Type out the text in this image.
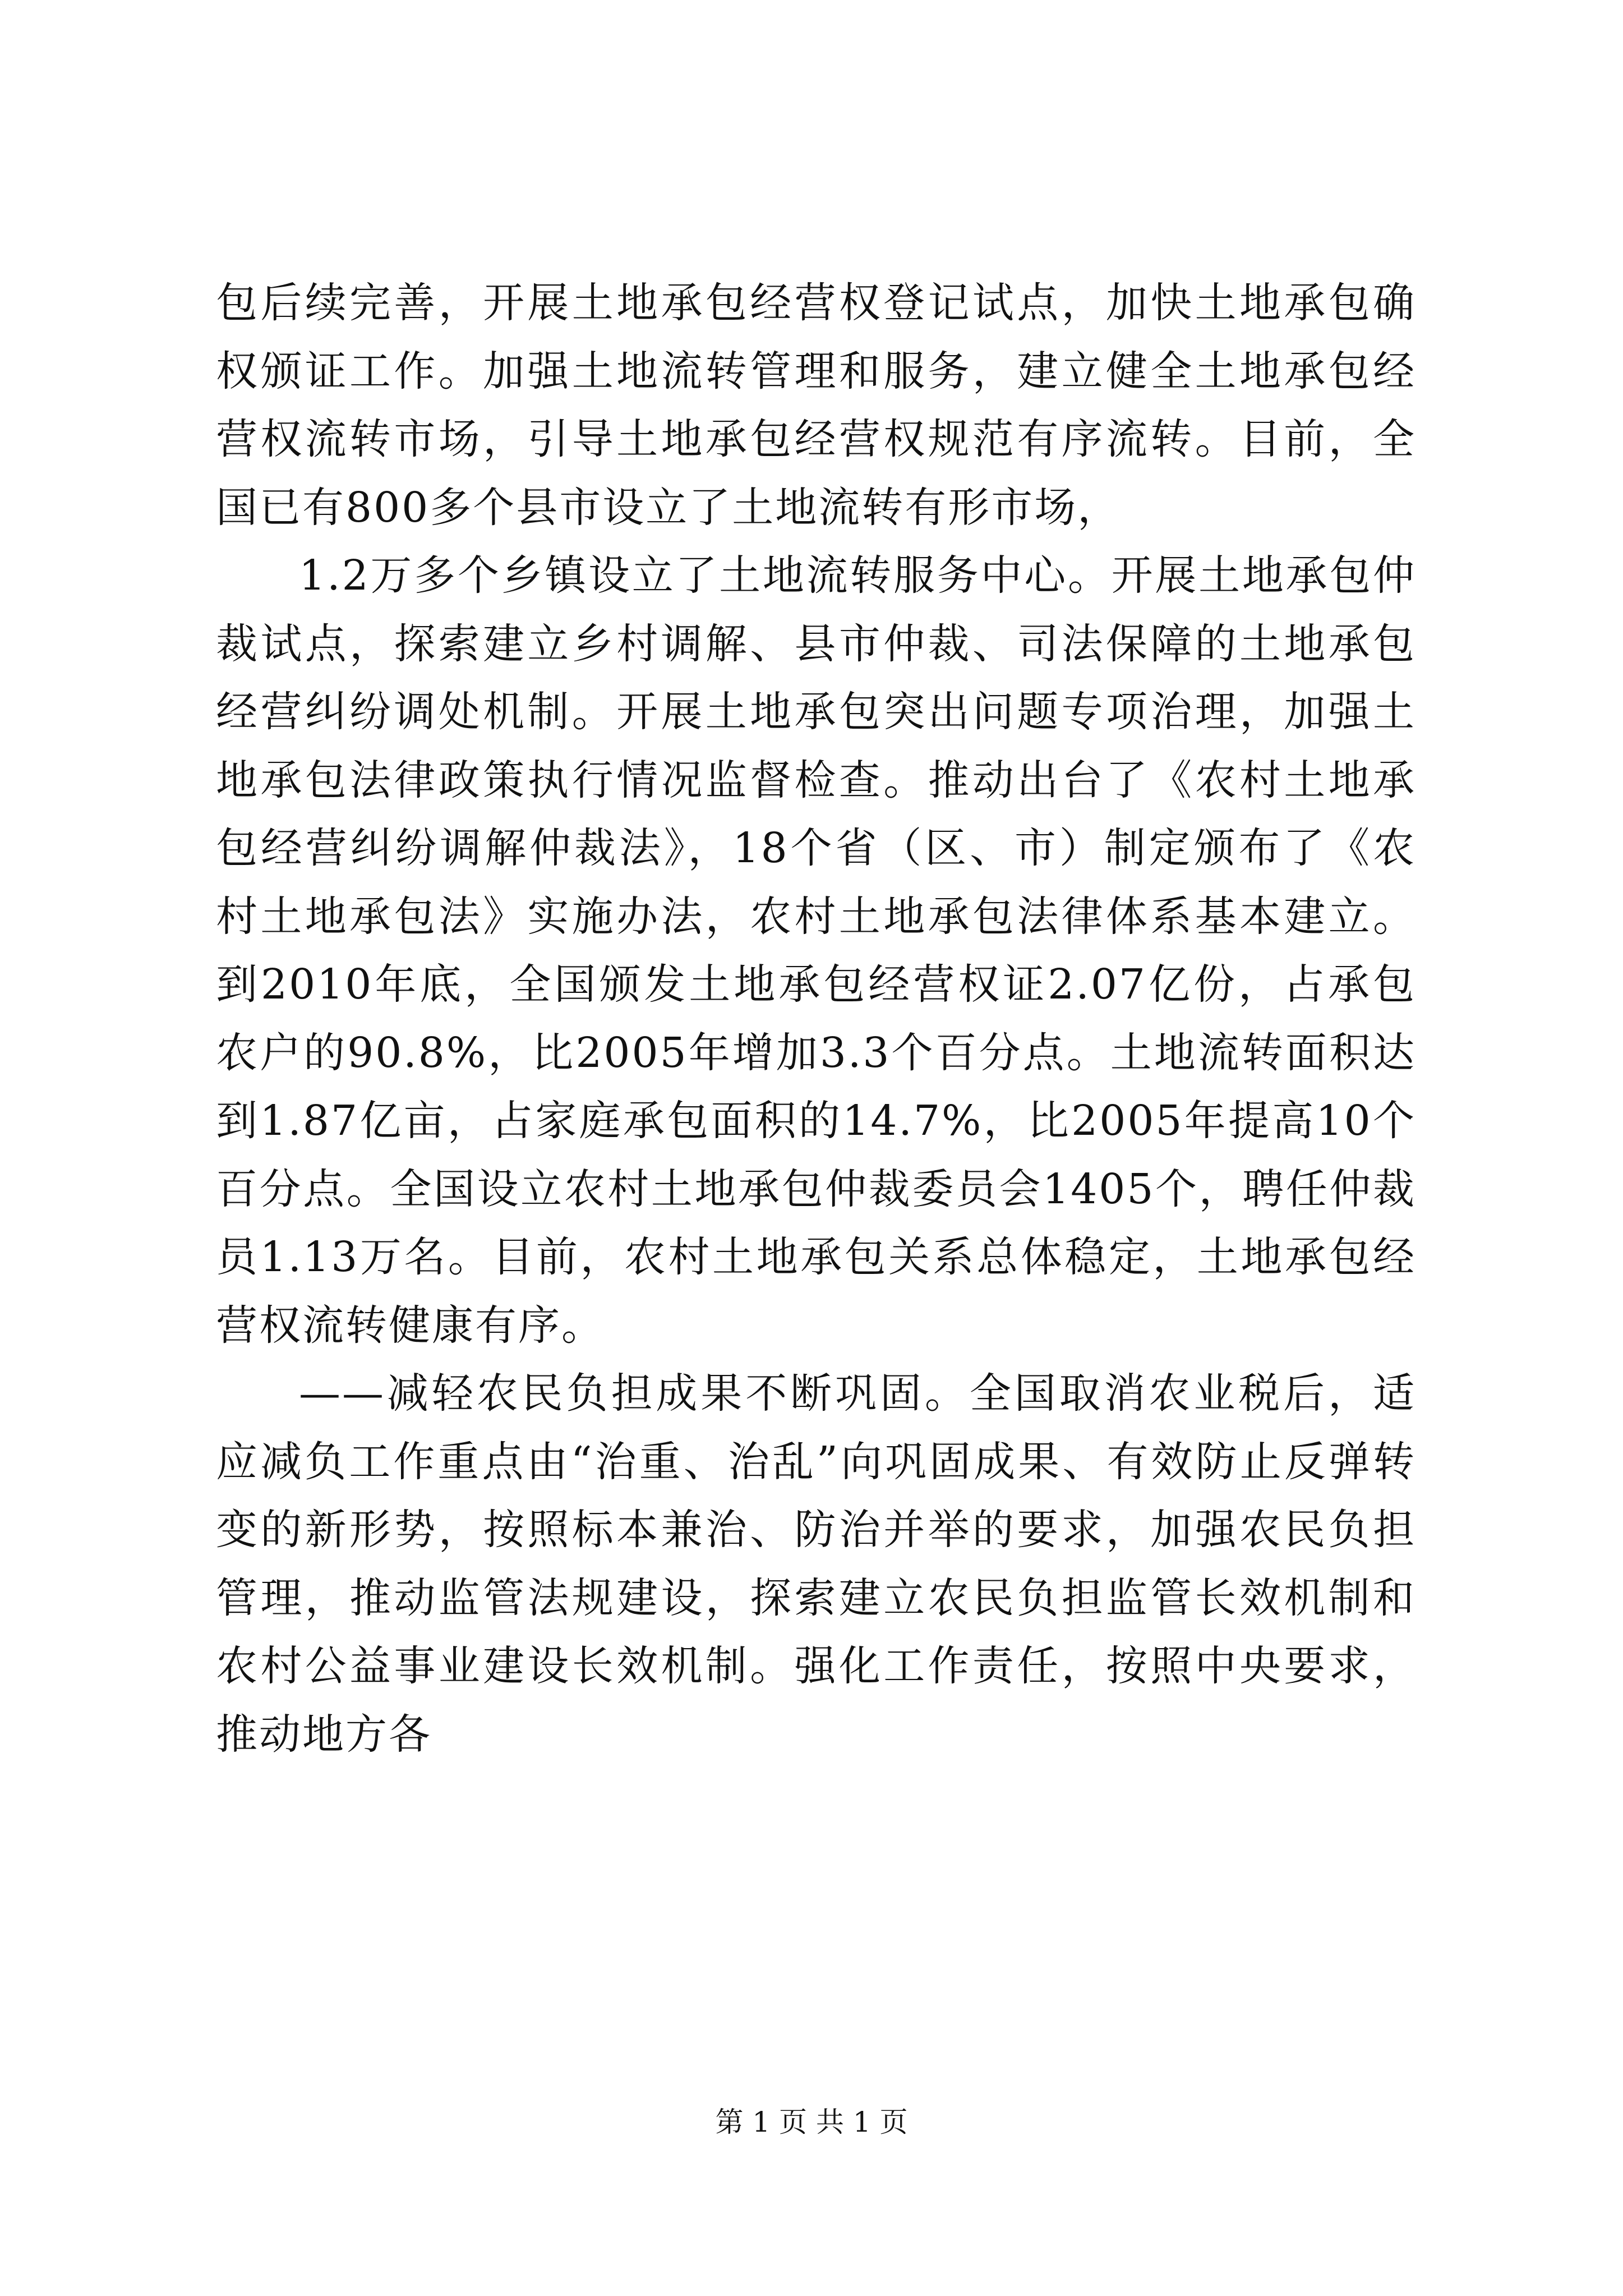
包后续完善，开展土地承包经营权登记试点，加快土地承包确权颁证工作。加强土地流转管理和服务，建立健全土地承包经营权流转市场，引导土地承包经营权规范有序流转。目前，全国已有800多个县市设立了土地流转有形市场，

1.2万多个乡镇设立了土地流转服务中心。开展土地承包仲裁试点，探索建立乡村调解、县市仲裁、司法保障的土地承包经营纠纷调处机制。开展土地承包突出问题专项治理，加强土地承包法律政策执行情况监督检查。推动出台了《农村土地承包经营纠纷调解仲裁法》，18个省（区、市）制定颁布了《农村土地承包法》实施办法，农村土地承包法律体系基本建立。到2010年底，全国颁发土地承包经营权证2.07亿份，占承包农户的90.8%，比2005年增加3.3个百分点。土地流转面积达到1.87亿亩，占家庭承包面积的14.7%，比2005年提高10个百分点。全国设立农村土地承包仲裁委员会1405个，聘任仲裁员1.13万名。目前，农村土地承包关系总体稳定，土地承包经营权流转健康有序。

——减轻农民负担成果不断巩固。全国取消农业税后，适应减负工作重点由“治重、治乱”向巩固成果、有效防止反弹转变的新形势，按照标本兼治、防治并举的要求，加强农民负担管理，推动监管法规建设，探索建立农民负担监管长效机制和农村公益事业建设长效机制。强化工作责任，按照中央要求，推动地方各

第 1 页 共 1 页
